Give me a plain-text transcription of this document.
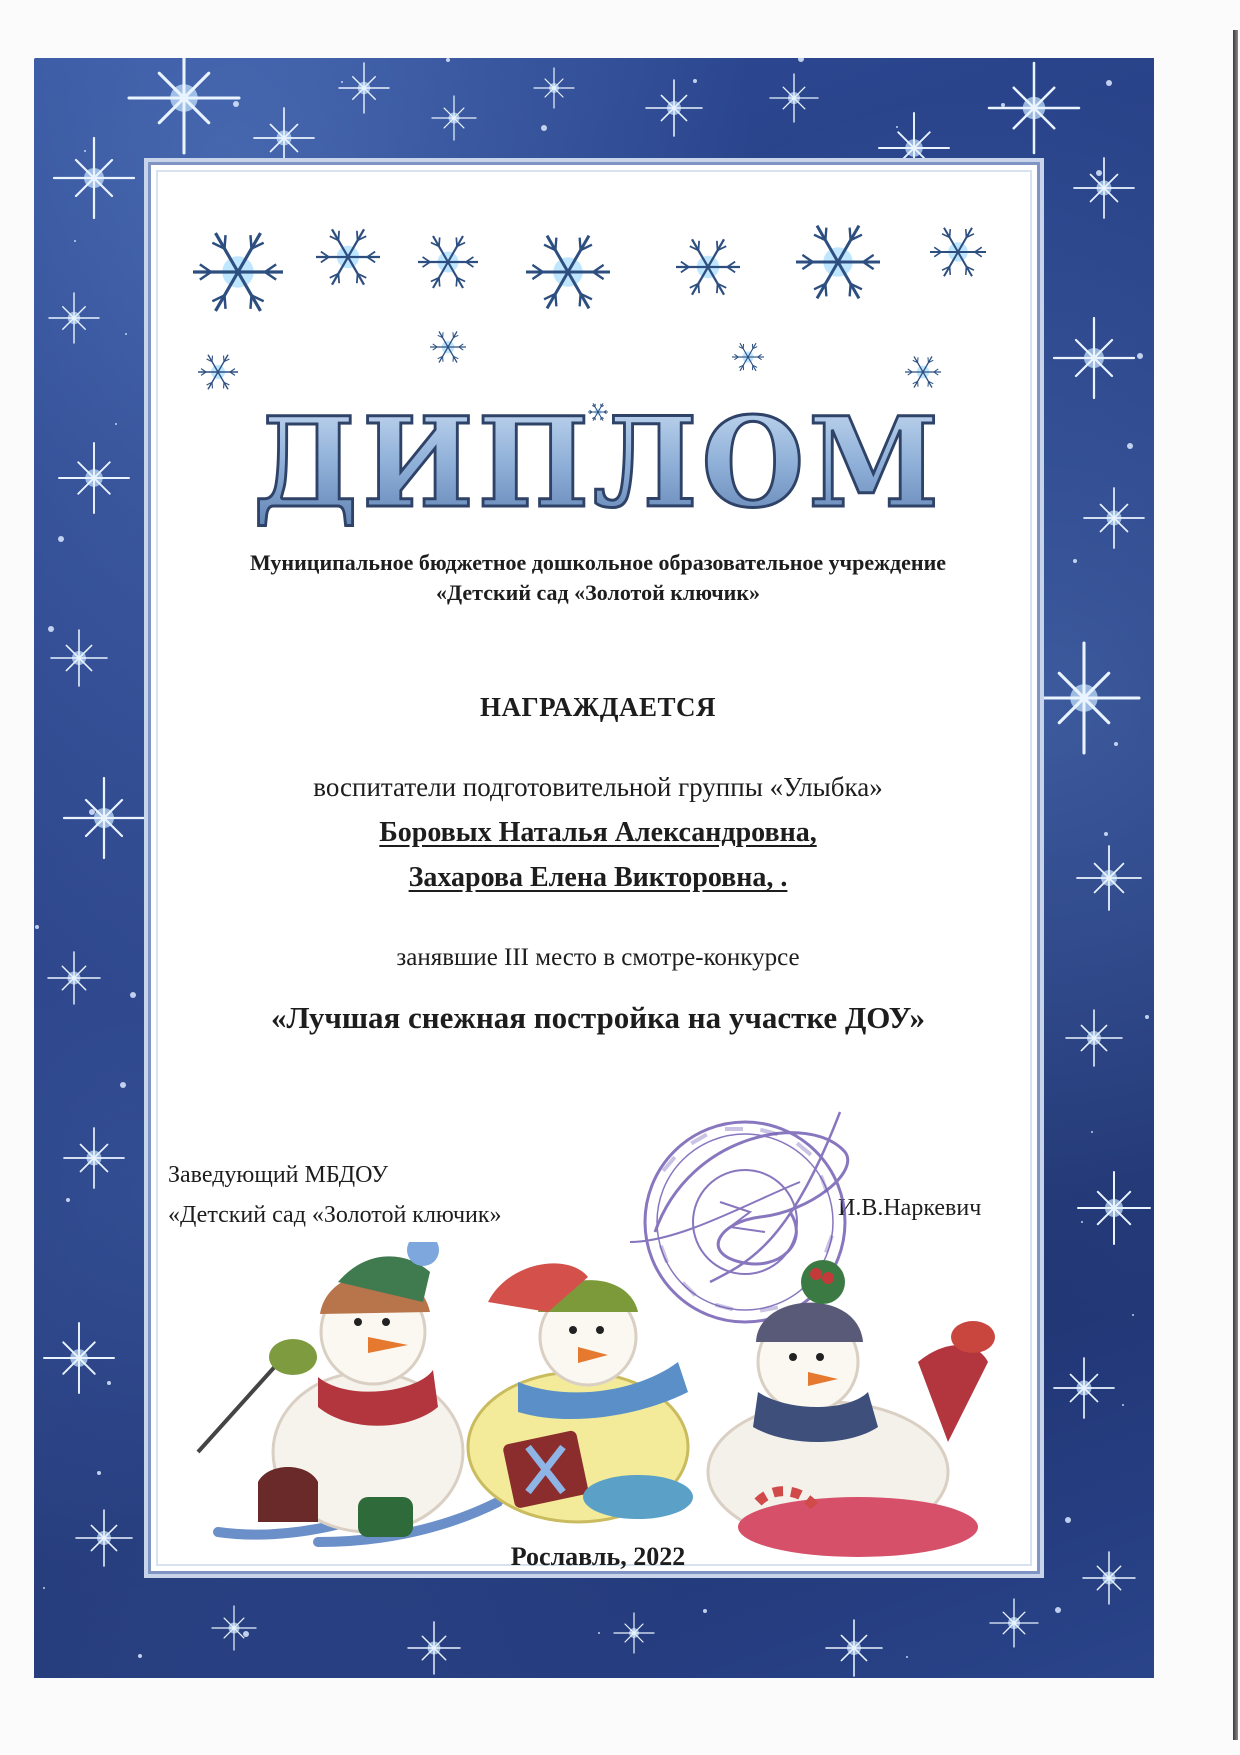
ДИПЛОМ
Муниципальное бюджетное дошкольное образовательное учреждение
«Детский сад «Золотой ключик»
НАГРАЖДАЕТСЯ
воспитатели подготовительной группы «Улыбка»
Боровых Наталья Александровна,
Захарова Елена Викторовна, .
занявшие III место в смотре-конкурсе
«Лучшая снежная постройка на участке ДОУ»
Заведующий МБДОУ
«Детский сад «Золотой ключик»	И.В.Наркевич
Рославль, 2022
